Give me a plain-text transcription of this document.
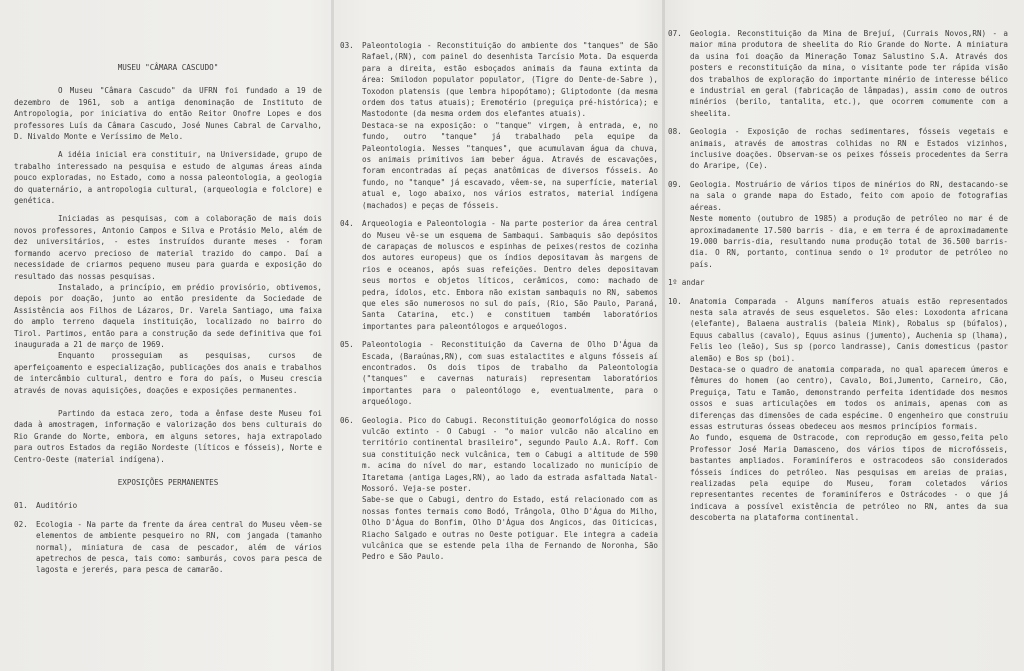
MUSEU "CÂMARA CASCUDO"

O Museu "Câmara Cascudo" da UFRN foi fundado a 19 de dezembro de 1961, sob a antiga denominação de Instituto de Antropologia, por iniciativa do então Reitor Onofre Lopes e dos professores Luís da Câmara Cascudo, José Nunes Cabral de Carvalho, D. Nivaldo Monte e Veríssimo de Melo.

A idéia inicial era constituir, na Universidade, grupo de trabalho interessado na pesquisa e estudo de algumas áreas ainda pouco exploradas, no Estado, como a nossa paleontologia, a geologia do quaternário, a antropologia cultural, (arqueologia e folclore) e genética.

Iniciadas as pesquisas, com a colaboração de mais dois novos professores, Antonio Campos e Silva e Protásio Melo, além de dez universitários, - estes instruídos durante meses - foram formando acervo precioso de material trazido do campo. Daí a necessidade de criarmos pequeno museu para guarda e exposição do resultado das nossas pesquisas.

Instalado, a princípio, em prédio provisório, obtivemos, depois por doação, junto ao então presidente da Sociedade de Assistência aos Filhos de Lázaros, Dr. Varela Santiago, uma faixa do amplo terreno daquela instituição, localizado no bairro do Tirol. Partimos, então para a construção da sede definitiva que foi inaugurada a 21 de março de 1969.

Enquanto prosseguiam as pesquisas, cursos de aperfeiçoamento e especialização, publicações dos anais e trabalhos de intercâmbio cultural, dentro e fora do país, o Museu crescia através de novas aquisições, doações e exposições permanentes.

Partindo da estaca zero, toda a ênfase deste Museu foi dada à amostragem, informação e valorização dos bens culturais do Rio Grande do Norte, embora, em alguns setores, haja extrapolado para outros Estados da região Nordeste (líticos e fósseis), Norte e Centro-Oeste (material indígena).

EXPOSIÇÕES PERMANENTES

01.	Auditório
02.	Ecologia - Na parte da frente da área central do Museu vêem-se elementos de ambiente pesqueiro no RN, com jangada (tamanho normal), miniatura de casa de pescador, além de vários apetrechos de pesca, tais como: samburás, covos para pesca de lagosta e jererés, para pesca de camarão.
03.	Paleontologia - Reconstituição do ambiente dos "tanques" de São Rafael,(RN), com painel do desenhista Tarcísio Mota. Da esquerda para a direita, estão esboçados animais da fauna extinta da área: Smilodon populator populator, (Tigre do Dente-de-Sabre ), Toxodon platensis (que lembra hipopótamo); Gliptodonte (da mesma ordem dos tatus atuais); Eremotério (preguiça pré-histórica); e Mastodonte (da mesma ordem dos elefantes atuais).
Destaca-se na exposição: o "tanque" virgem, à entrada, e, no fundo, outro "tanque" já trabalhado pela equipe da Paleontologia. Nesses "tanques", que acumulavam água da chuva, os animais primitivos iam beber água. Através de escavações, foram encontradas aí peças anatômicas de diversos fósseis. Ao fundo, no "tanque" já escavado, vêem-se, na superfície, material atual e, logo abaixo, nos vários estratos, material indígena (machados) e peças de fósseis.
04.	Arqueologia e Paleontologia - Na parte posterior da área central do Museu vê-se um esquema de Sambaqui. Sambaquis são depósitos de carapaças de moluscos e espinhas de peixes(restos de cozinha dos autores europeus) que os índios depositavam às margens de rios e oceanos, após suas refeições. Dentro deles depositavam seus mortos e objetos líticos, cerâmicos, como: machado de pedra, ídolos, etc. Embora não existam sambaquis no RN, sabemos que eles são numerosos no sul do país, (Rio, São Paulo, Paraná, Santa Catarina, etc.) e constituem também laboratórios importantes para paleontólogos e arqueólogos.
05.	Paleontologia - Reconstituição da Caverna de Olho D'Água da Escada, (Baraúnas,RN), com suas estalactites e alguns fósseis aí encontrados. Os dois tipos de trabalho da Paleontologia ("tanques" e cavernas naturais) representam laboratórios importantes para o paleontólogo e, eventualmente, para o arqueólogo.
06.	Geologia. Pico do Cabugi. Reconstituição geomorfológica do nosso vulcão extinto - O Cabugi - "o maior vulcão não alcalino em território continental brasileiro", segundo Paulo A.A. Roff. Com sua constituição neck vulcânica, tem o Cabugi a altitude de 590 m. acima do nível do mar, estando localizado no município de Itaretama (antiga Lages,RN), ao lado da estrada asfaltada Natal-Mossoró. Veja-se poster.
Sabe-se que o Cabugi, dentro do Estado, está relacionado com as nossas fontes termais como Bodó, Trângola, Olho D'Água do Milho, Olho D'Água do Bonfim, Olho D'Água dos Angicos, das Oiticicas, Riacho Salgado e outras no Oeste potiguar. Ele integra a cadeia vulcânica que se estende pela ilha de Fernando de Noronha, São Pedro e São Paulo.
07.	Geologia. Reconstituição da Mina de Brejuí, (Currais Novos,RN) - a maior mina produtora de sheelita do Rio Grande do Norte. A miniatura da usina foi doação da Mineração Tomaz Salustino S.A. Através dos posters e reconstituição da mina, o visitante pode ter rápida visão dos trabalhos de exploração do importante minério de interesse bélico e industrial em geral (fabricação de lâmpadas), assim como de outros minérios (berilo, tantalita, etc.), que ocorrem comumente com a sheelita.
08.	Geologia - Exposição de rochas sedimentares, fósseis vegetais e animais, através de amostras colhidas no RN e Estados vizinhos, inclusive doações. Observam-se os peixes fósseis procedentes da Serra do Araripe, (Ce).
09.	Geologia. Mostruário de vários tipos de minérios do RN, destacando-se na sala o grande mapa do Estado, feito com apoio de fotografias aéreas.
Neste momento (outubro de 1985) a produção de petróleo no mar é de aproximadamente 17.500 barris - dia, e em terra é de aproximadamente 19.000 barris-dia, resultando numa produção total de 36.500 barris-dia. O RN, portanto, continua sendo o 1º produtor de petróleo no país.

1º andar

10.	Anatomia Comparada - Alguns mamíferos atuais estão representados nesta sala através de seus esqueletos. São eles: Loxodonta africana (elefante), Balaena australis (baleia Mink), Robalus sp (búfalos), Equus caballus (cavalo), Equus asinus (jumento), Auchenia sp (lhama), Felis leo (leão), Sus sp (porco landrasse), Canis domesticus (pastor alemão) e Bos sp (boi).
Destaca-se o quadro de anatomia comparada, no qual aparecem úmeros e fêmures do homem (ao centro), Cavalo, Boi,Jumento, Carneiro, Cão, Preguiça, Tatu e Tamão, demonstrando perfeita identidade dos mesmos ossos e suas articulações em todos os animais, apenas com as diferenças das dimensões de cada espécime. O engenheiro que construiu essas estruturas ósseas obedeceu aos mesmos princípios formais.
Ao fundo, esquema de Ostracode, com reprodução em gesso,feita pelo Professor José Maria Damasceno, dos vários tipos de microfósseis, bastantes ampliados. Foraminíferos e ostracodeos são considerados fósseis índices do petróleo. Nas pesquisas em areias de praias, realizadas pela equipe do Museu, foram coletados vários representantes recentes de foraminíferos e Ostrácodes - o que já indicava a possível existência de petróleo no RN, antes da sua descoberta na plataforma continental.
